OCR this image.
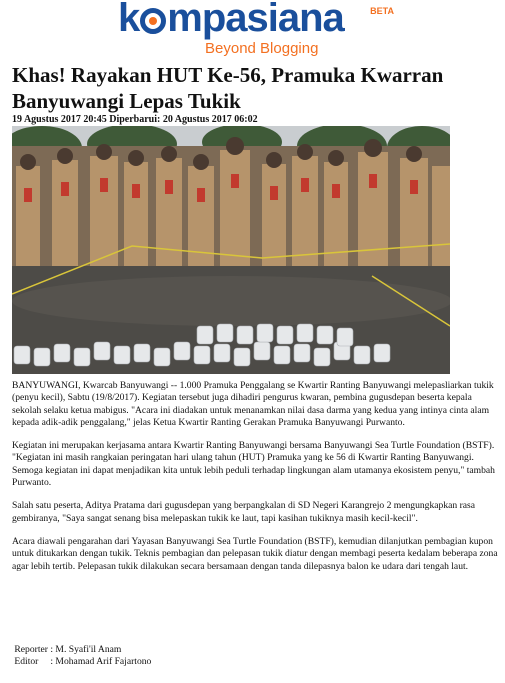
k mpasiana	BETA
Beyond Blogging
Khas! Rayakan HUT Ke-56, Pramuka Kwarran Banyuwangi Lepas Tukik
19 Agustus 2017 20:45 Diperbarui: 20 Agustus 2017 06:02

BANYUWANGI, Kwarcab Banyuwangi -- 1.000 Pramuka Penggalang se Kwartir Ranting Banyuwangi melepasliarkan tukik (penyu kecil), Sabtu (19/8/2017). Kegiatan tersebut juga dihadiri pengurus kwaran, pembina gugusdepan beserta kepala sekolah selaku ketua mabigus. "Acara ini diadakan untuk menanamkan nilai dasa darma yang kedua yang intinya cinta alam kepada adik-adik penggalang," jelas Ketua Kwartir Ranting Gerakan Pramuka Banyuwangi Purwanto.

Kegiatan ini merupakan kerjasama antara Kwartir Ranting Banyuwangi bersama Banyuwangi Sea Turtle Foundation (BSTF). "Kegiatan ini masih rangkaian peringatan hari ulang tahun (HUT) Pramuka yang ke 56 di Kwartir Ranting Banyuwangi. Semoga kegiatan ini dapat menjadikan kita untuk lebih peduli terhadap lingkungan alam utamanya ekosistem penyu," tambah Purwanto.

Salah satu peserta, Aditya Pratama dari gugusdepan yang berpangkalan di SD Negeri Karangrejo 2 mengungkapkan rasa gembiranya, "Saya sangat senang bisa melepaskan tukik ke laut, tapi kasihan tukiknya masih kecil-kecil".

Acara diawali pengarahan dari Yayasan Banyuwangi Sea Turtle Foundation (BSTF), kemudian dilanjutkan pembagian kupon untuk ditukarkan dengan tukik. Teknis pembagian dan pelepasan tukik diatur dengan membagi peserta kedalam beberapa zona agar lebih tertib. Pelepasan tukik dilakukan secara bersamaan dengan tanda dilepasnya balon ke udara dari tengah laut.

Reporter : M. Syafi'il Anam
Editor     : Mohamad Arif Fajartono
